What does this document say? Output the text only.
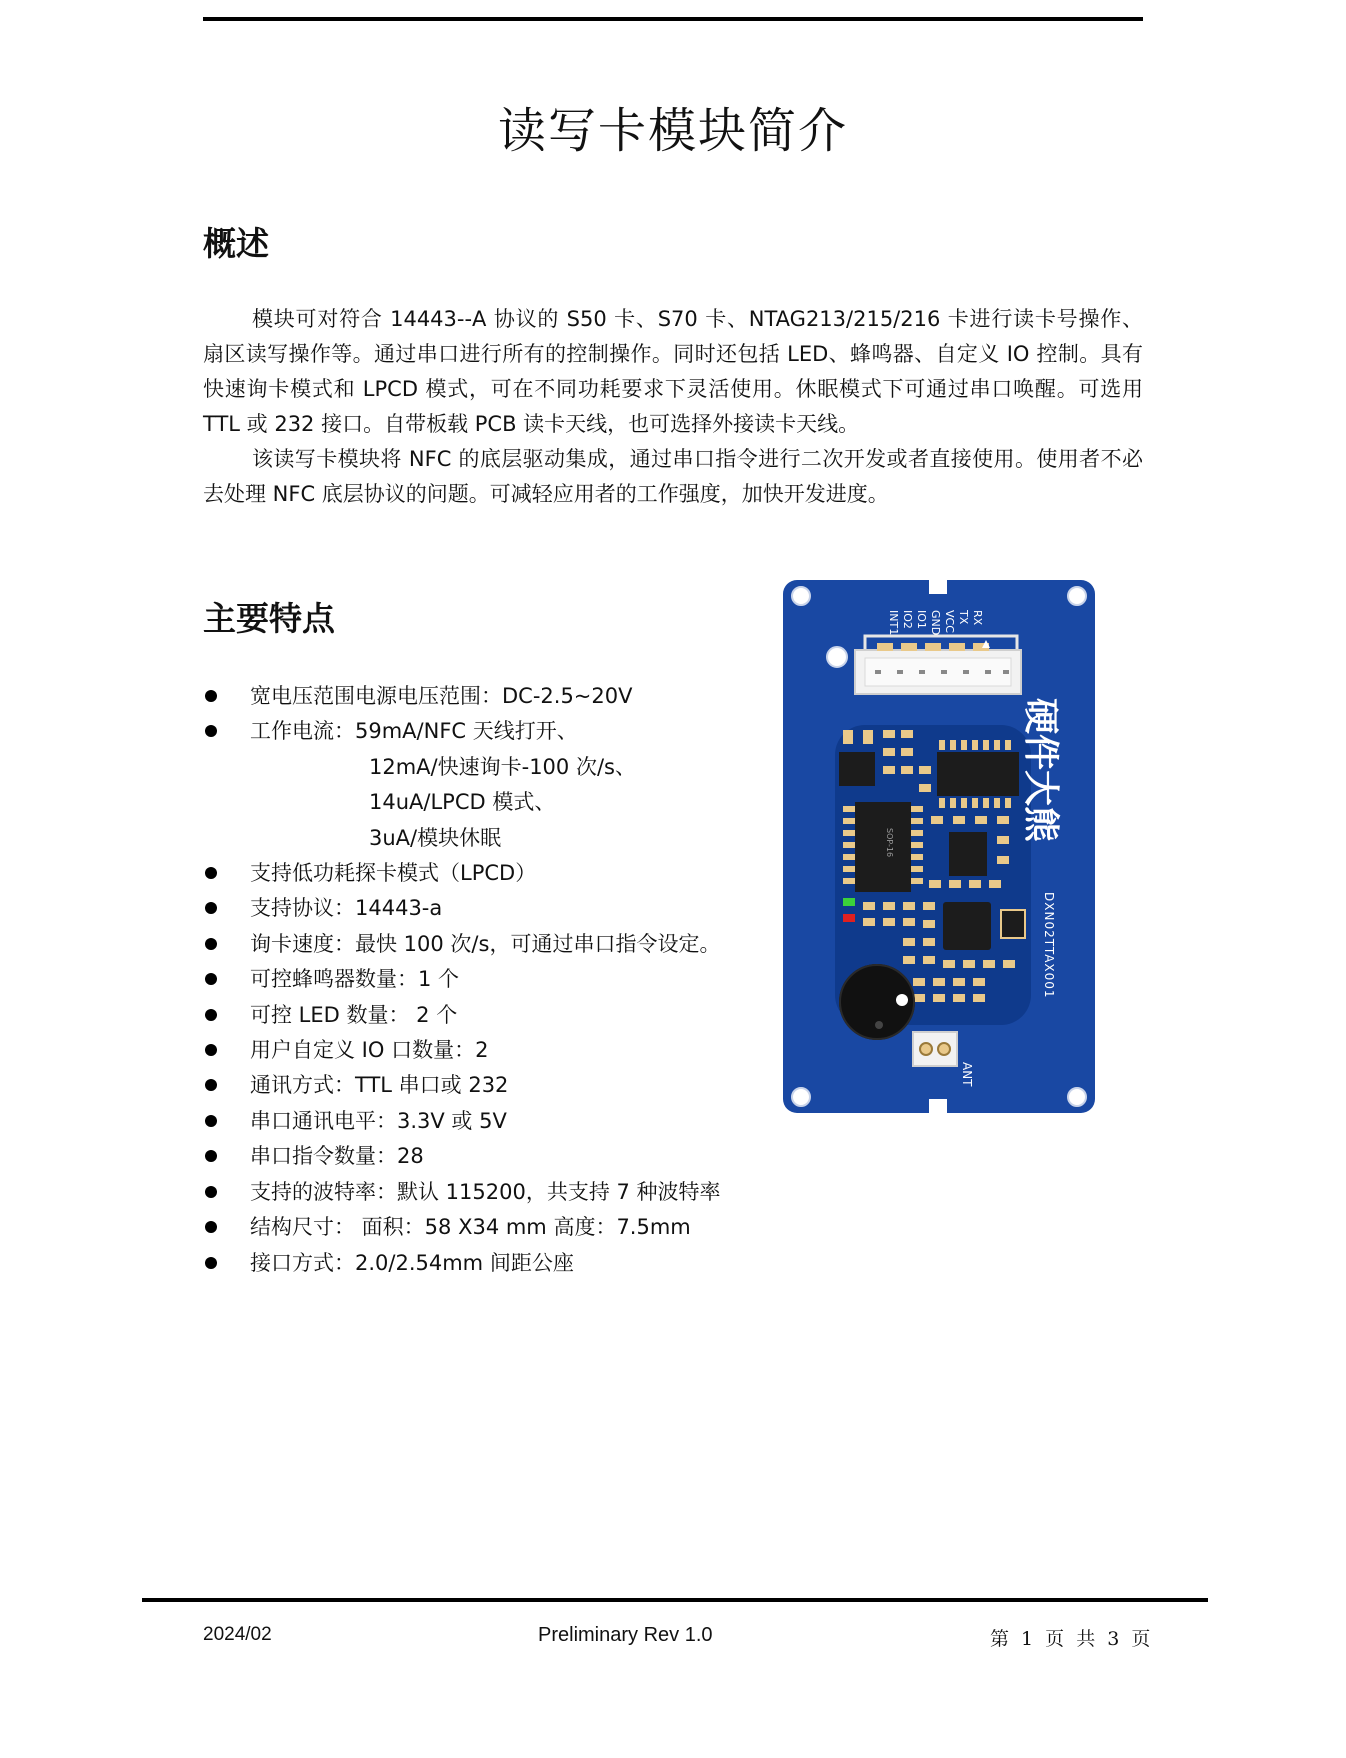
读写卡模块简介
概述

模块可对符合 14443--A 协议的 S50 卡、S70 卡、NTAG213/215/216 卡进行读卡号操作、扇区读写操作等。通过串口进行所有的控制操作。同时还包括 LED、蜂鸣器、自定义 IO 控制。具有快速询卡模式和 LPCD 模式，可在不同功耗要求下灵活使用。休眠模式下可通过串口唤醒。可选用 TTL 或 232 接口。自带板载 PCB 读卡天线，也可选择外接读卡天线。

该读写卡模块将 NFC 的底层驱动集成，通过串口指令进行二次开发或者直接使用。使用者不必去处理 NFC 底层协议的问题。可减轻应用者的工作强度，加快开发进度。

主要特点
宽电压范围电源电压范围：DC-2.5~20V
工作电流：59mA/NFC 天线打开、
12mA/快速询卡-100 次/s、
14uA/LPCD 模式、
3uA/模块休眠
支持低功耗探卡模式（LPCD）
支持协议：14443-a
询卡速度：最快 100 次/s，可通过串口指令设定。
可控蜂鸣器数量：1 个
可控 LED 数量： 2 个
用户自定义 IO 口数量：2
通讯方式：TTL 串口或 232
串口通讯电平：3.3V 或 5V
串口指令数量：28
支持的波特率：默认 115200，共支持 7 种波特率
结构尺寸： 面积：58 X34 mm 高度：7.5mm
接口方式：2.0/2.54mm 间距公座
RX
TX
VCC
GND
IO1
IO2
INT1
硬件大熊
SOP-16
ANT
DXN02TTAX001
2024/02	Preliminary Rev 1.0	第 1 页 共 3 页
